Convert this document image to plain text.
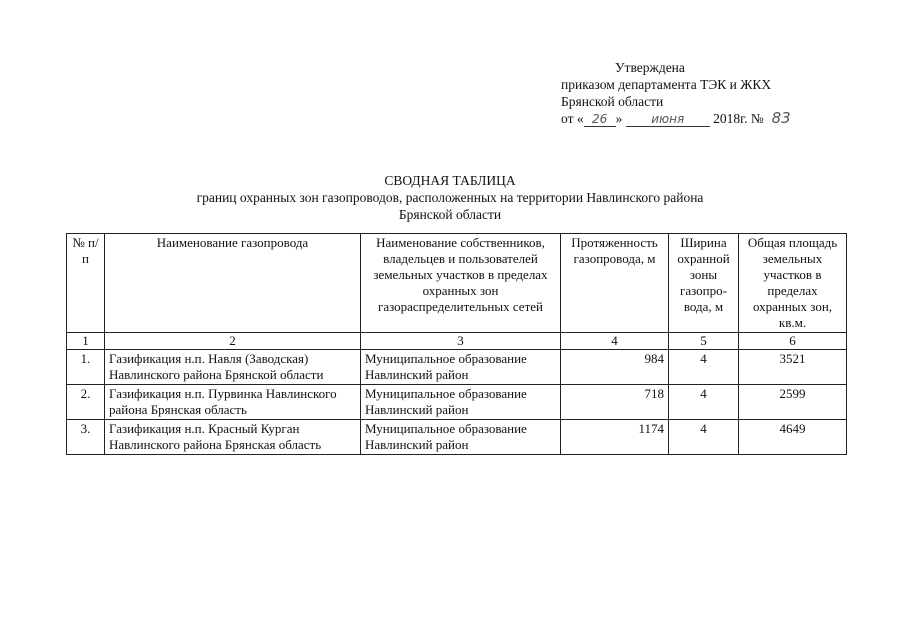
Утверждена
приказом департамента ТЭК и ЖКХ
Брянской области
от « 26 » июня 2018г. № 83
СВОДНАЯ ТАБЛИЦА
границ охранных зон газопроводов, расположенных на территории Навлинского района
Брянской области
№ п/п	Наименование газопровода	Наименование собственников, владельцев и пользователей земельных участков в пределах охранных зон газораспределительных сетей	Протяженность газопровода, м	Ширина охранной зоны газопро-вода, м	Общая площадь земельных участков в пределах охранных зон, кв.м.
1	2	3	4	5	6
1.	Газификация н.п. Навля (Заводская) Навлинского района Брянской области	Муниципальное образование Навлинский район	984	4	3521
2.	Газификация н.п. Пурвинка Навлинского района Брянская область	Муниципальное образование Навлинский район	718	4	2599
3.	Газификация н.п. Красный Курган Навлинского района Брянская область	Муниципальное образование Навлинский район	1174	4	4649
